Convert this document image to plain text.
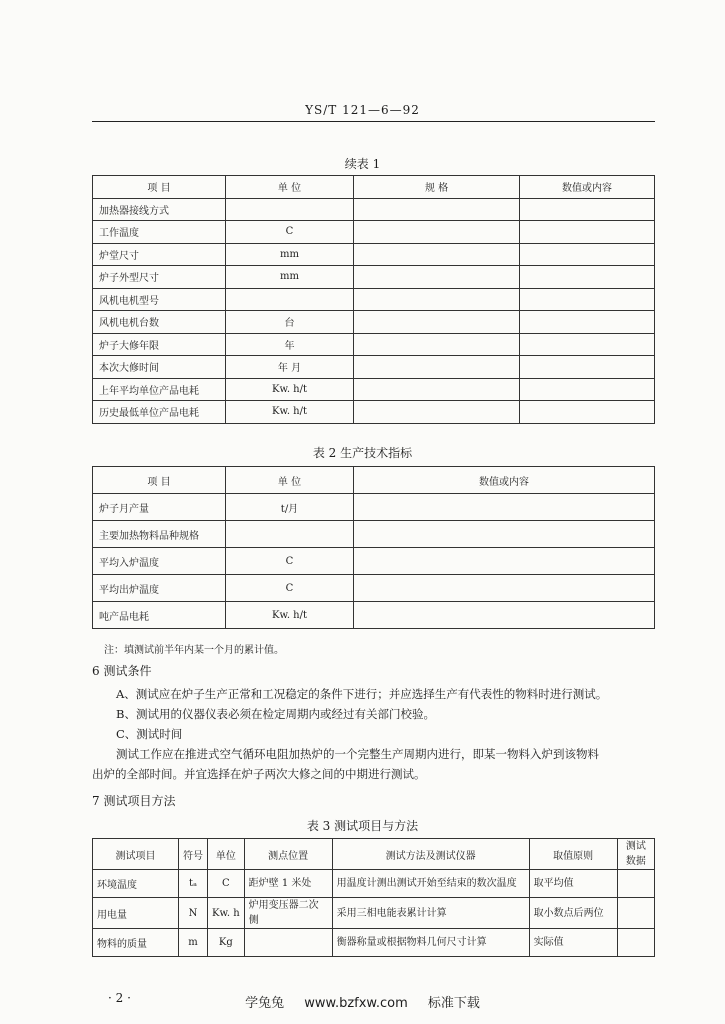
YS/T 121—6—92
续表 1
项 目	单 位	规 格	数值或内容
加热器接线方式			
工作温度	C		
炉堂尺寸	mm		
炉子外型尺寸	mm		
风机电机型号			
风机电机台数	台		
炉子大修年限	年		
本次大修时间	年 月		
上年平均单位产品电耗	Kw. h/t		
历史最低单位产品电耗	Kw. h/t		
表 2 生产技术指标
项 目	单 位	数值或内容
炉子月产量	t/月	
主要加热物料品种规格		
平均入炉温度	C	
平均出炉温度	C	
吨产品电耗	Kw. h/t	
注：填测试前半年内某一个月的累计值。
6 测试条件
A、测试应在炉子生产正常和工况稳定的条件下进行；并应选择生产有代表性的物料时进行测试。
B、测试用的仪器仪表必须在检定周期内或经过有关部门校验。
C、测试时间
测试工作应在推进式空气循环电阻加热炉的一个完整生产周期内进行，即某一物料入炉到该物料
出炉的全部时间。并宜选择在炉子两次大修之间的中期进行测试。
7 测试项目方法
表 3 测试项目与方法
测试项目	符号	单位	测点位置	测试方法及测试仪器	取值原则	测试数据
环境温度	tₐ	C	距炉壁 1 米处	用温度计测出测试开始至结束的数次温度	取平均值	
用电量	N	Kw. h	炉用变压器二次侧	采用三相电能表累计计算	取小数点后两位	
物料的质量	m	Kg		衡器称量或根据物料几何尺寸计算	实际值	
· 2 ·	学兔兔 www.bzfxw.com 标准下载
